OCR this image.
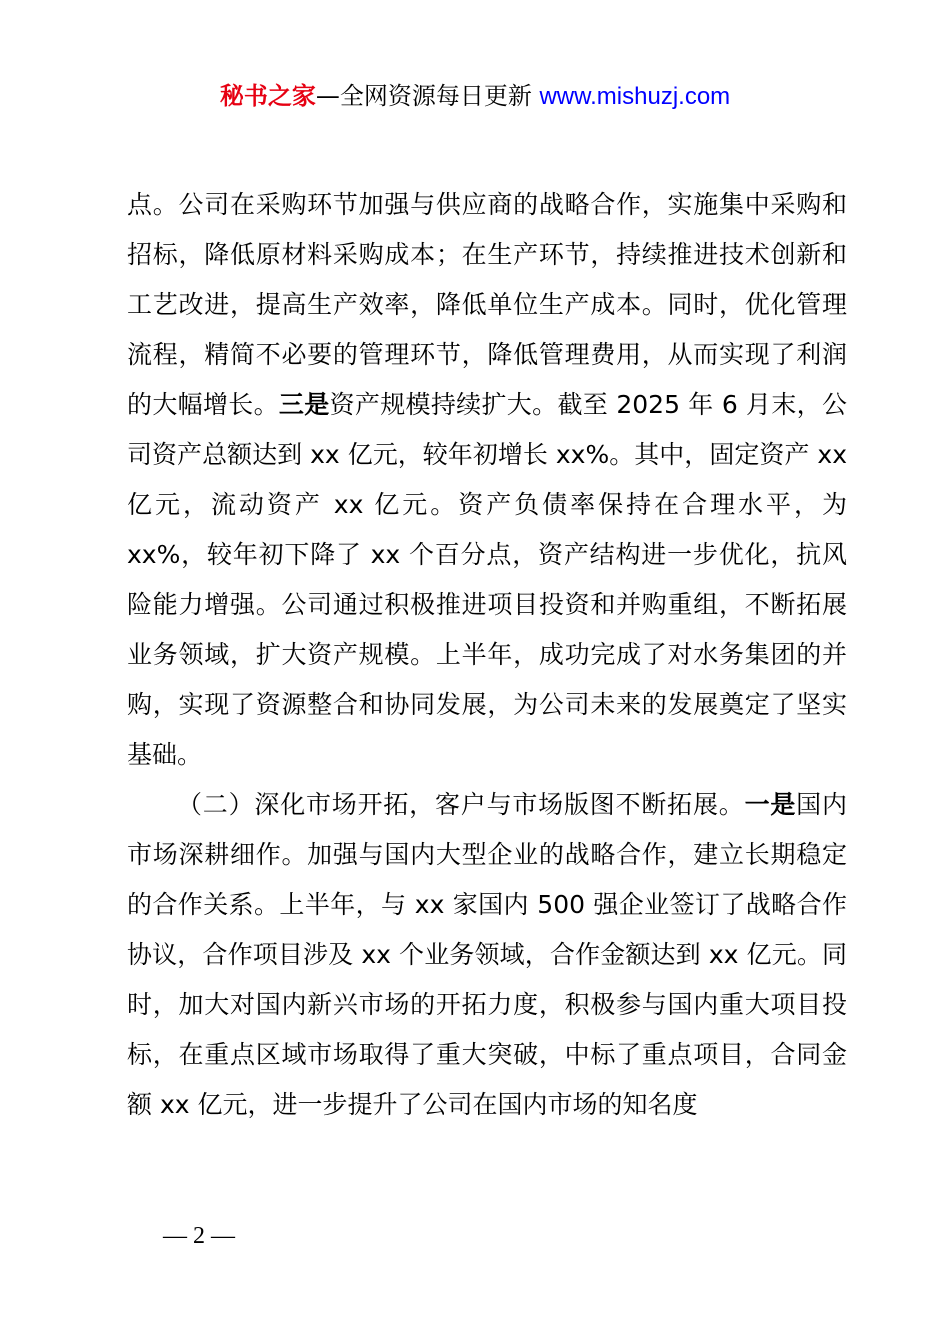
秘书之家—全网资源每日更新 www.mishuzj.com

点。公司在采购环节加强与供应商的战略合作，实施集中采购和招标，降低原材料采购成本；在生产环节，持续推进技术创新和工艺改进，提高生产效率，降低单位生产成本。同时，优化管理流程，精简不必要的管理环节，降低管理费用，从而实现了利润的大幅增长。三是资产规模持续扩大。截至 2025 年 6 月末，公司资产总额达到 xx 亿元，较年初增长 xx%。其中，固定资产 xx 亿元，流动资产 xx 亿元。资产负债率保持在合理水平，为 xx%，较年初下降了 xx 个百分点，资产结构进一步优化，抗风险能力增强。公司通过积极推进项目投资和并购重组，不断拓展业务领域，扩大资产规模。上半年，成功完成了对水务集团的并购，实现了资源整合和协同发展，为公司未来的发展奠定了坚实基础。

（二）深化市场开拓，客户与市场版图不断拓展。一是国内市场深耕细作。加强与国内大型企业的战略合作，建立长期稳定的合作关系。上半年，与 xx 家国内 500 强企业签订了战略合作协议，合作项目涉及 xx 个业务领域，合作金额达到 xx 亿元。同时，加大对国内新兴市场的开拓力度，积极参与国内重大项目投标，在重点区域市场取得了重大突破，中标了重点项目，合同金额 xx 亿元，进一步提升了公司在国内市场的知名度

— 2 —
